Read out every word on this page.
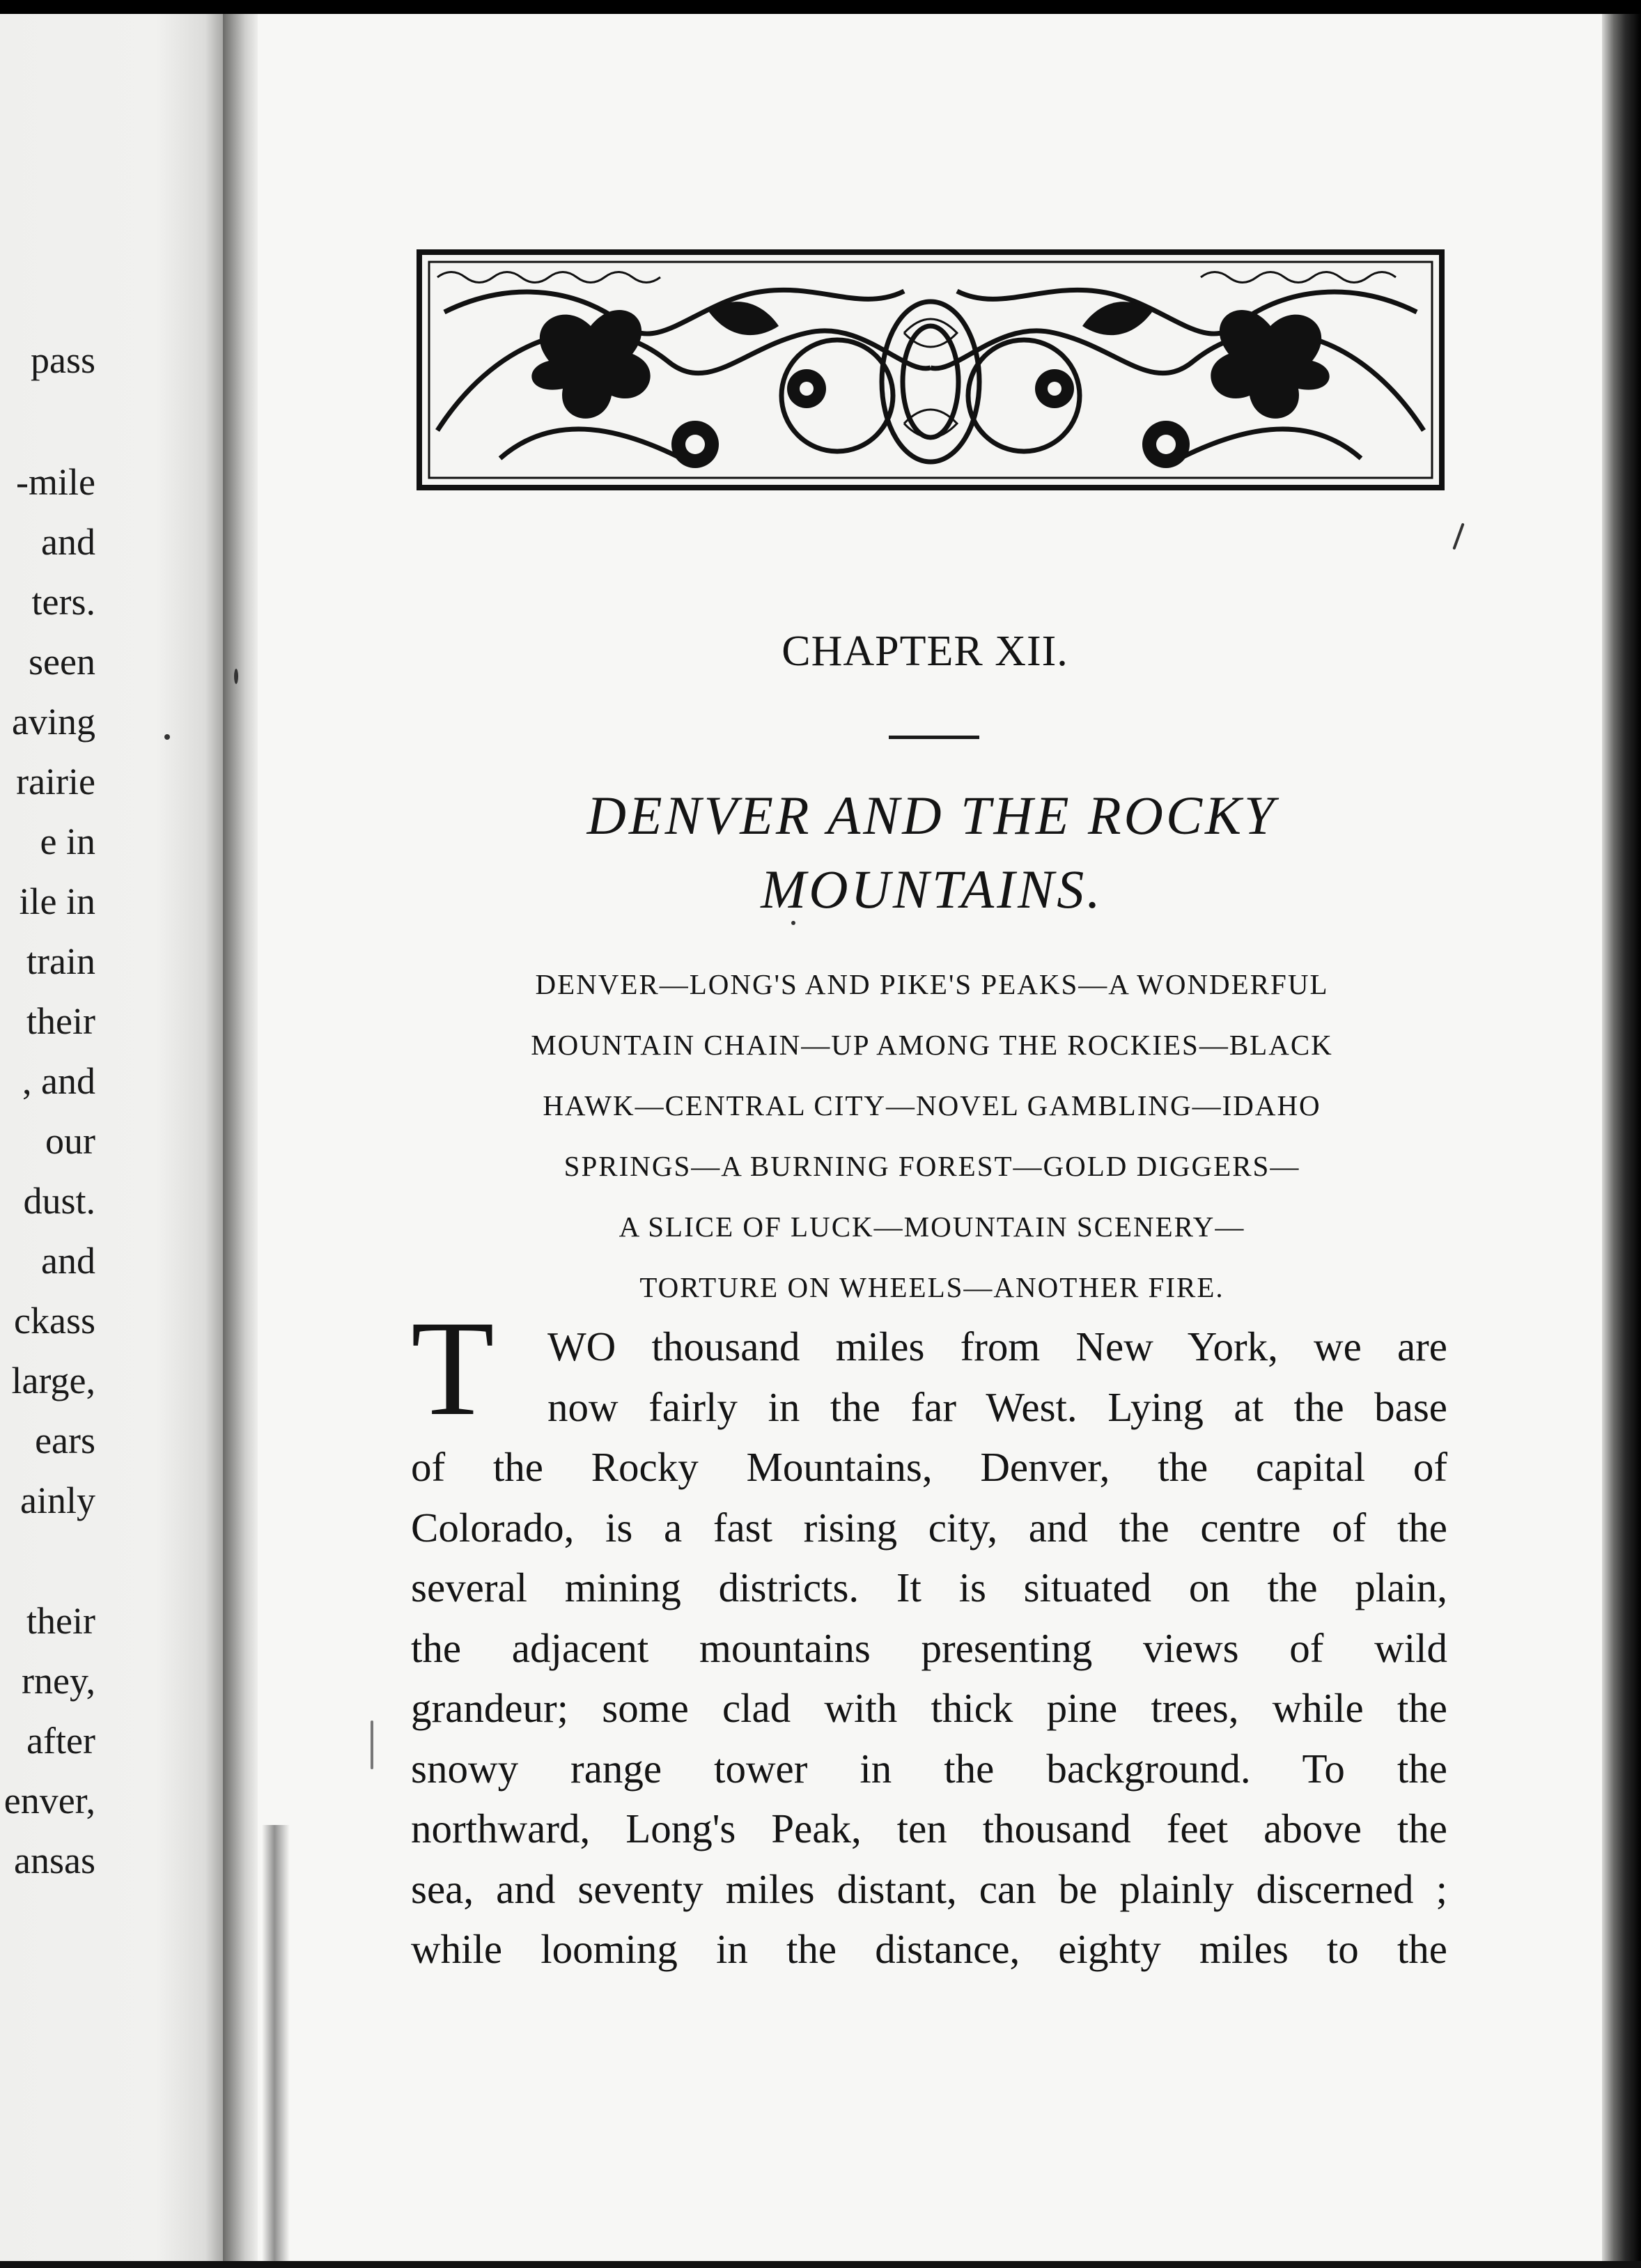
pass
-mile
and
ters.
seen
aving
rairie
e in
ile in
train
their
, and
our
dust.
and
ckass
large,
ears
ainly
their
rney,
after
enver,
ansas
CHAPTER XII.
DENVER AND THE ROCKY
MOUNTAINS.
DENVER—LONG'S AND PIKE'S PEAKS—A WONDERFUL
MOUNTAIN CHAIN—UP AMONG THE ROCKIES—BLACK
HAWK—CENTRAL CITY—NOVEL GAMBLING—IDAHO
SPRINGS—A BURNING FOREST—GOLD DIGGERS—
A SLICE OF LUCK—MOUNTAIN SCENERY—
TORTURE ON WHEELS—ANOTHER FIRE.
T	WO thousand miles from New York, we are
now fairly in the far West. Lying at the base
of the Rocky Mountains, Denver, the capital of
Colorado, is a fast rising city, and the centre of the
several mining districts. It is situated on the plain,
the adjacent mountains presenting views of wild
grandeur; some clad with thick pine trees, while the
snowy range tower in the background. To the
northward, Long's Peak, ten thousand feet above the
sea, and seventy miles distant, can be plainly discerned ;
while looming in the distance, eighty miles to the
